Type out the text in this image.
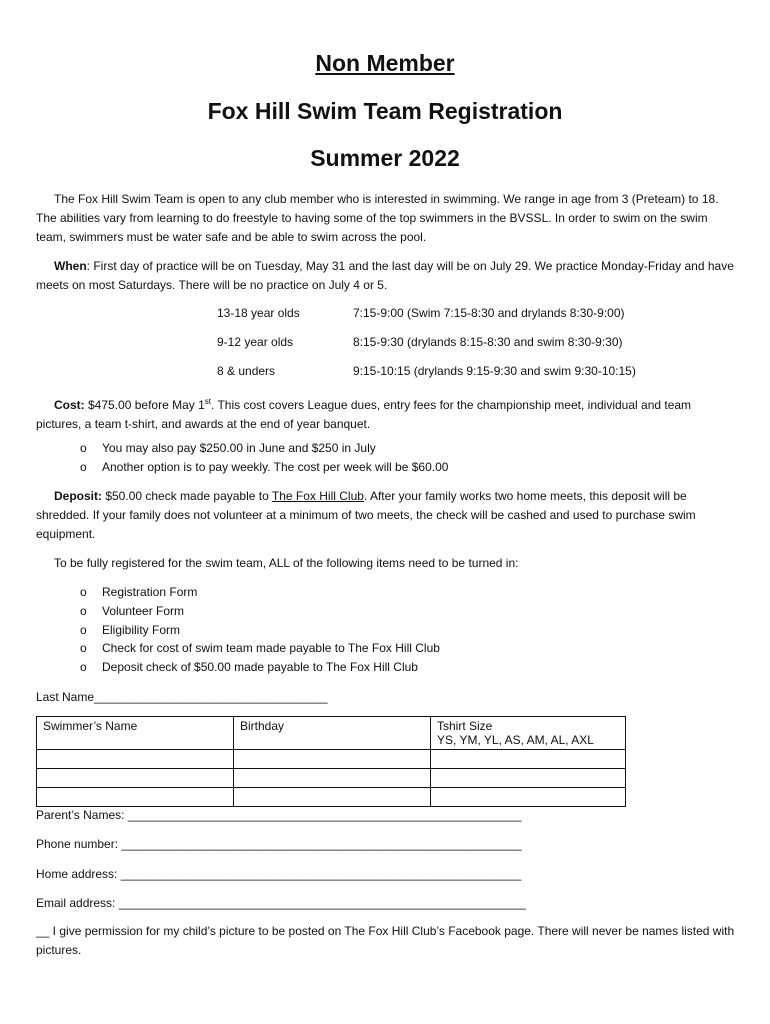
Non Member
Fox Hill Swim Team Registration
Summer 2022
The Fox Hill Swim Team is open to any club member who is interested in swimming. We range in age from 3 (Preteam) to 18. The abilities vary from learning to do freestyle to having some of the top swimmers in the BVSSL. In order to swim on the swim team, swimmers must be water safe and be able to swim across the pool.
When: First day of practice will be on Tuesday, May 31 and the last day will be on July 29. We practice Monday-Friday and have meets on most Saturdays. There will be no practice on July 4 or 5.
13-18 year olds	7:15-9:00 (Swim 7:15-8:30 and drylands 8:30-9:00)
9-12 year olds	8:15-9:30 (drylands 8:15-8:30 and swim 8:30-9:30)
8 & unders	9:15-10:15 (drylands 9:15-9:30 and swim 9:30-10:15)
Cost: $475.00 before May 1st. This cost covers League dues, entry fees for the championship meet, individual and team pictures, a team t-shirt, and awards at the end of year banquet.
o You may also pay $250.00 in June and $250 in July
o Another option is to pay weekly. The cost per week will be $60.00
Deposit: $50.00 check made payable to The Fox Hill Club. After your family works two home meets, this deposit will be shredded. If your family does not volunteer at a minimum of two meets, the check will be cashed and used to purchase swim equipment.
To be fully registered for the swim team, ALL of the following items need to be turned in:
o Registration Form
o Volunteer Form
o Eligibility Form
o Check for cost of swim team made payable to The Fox Hill Club
o Deposit check of $50.00 made payable to The Fox Hill Club
Last Name___________________________________
Swimmer’s Name	Birthday	Tshirt Size
YS, YM, YL, AS, AM, AL, AXL

Parent’s Names: ___________________________________________________________
Phone number: ____________________________________________________________
Home address: ____________________________________________________________
Email address: _____________________________________________________________
__ I give permission for my child’s picture to be posted on The Fox Hill Club’s Facebook page. There will never be names listed with pictures.
